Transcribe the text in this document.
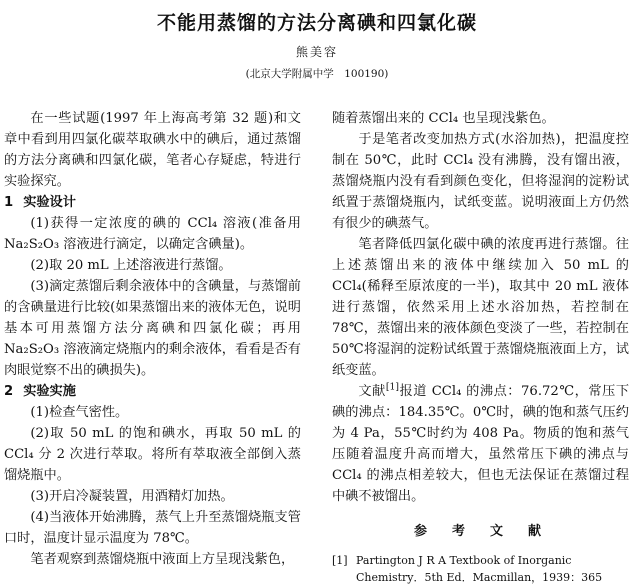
不能用蒸馏的方法分离碘和四氯化碳
熊美容
(北京大学附属中学　100190)

在一些试题(1997 年上海高考第 32 题)和文章中看到用四氯化碳萃取碘水中的碘后，通过蒸馏的方法分离碘和四氯化碳，笔者心存疑虑，特进行实验探究。

1 实验设计

(1)获得一定浓度的碘的 CCl₄ 溶液(准备用 Na₂S₂O₃ 溶液进行滴定，以确定含碘量)。

(2)取 20 mL 上述溶液进行蒸馏。

(3)滴定蒸馏后剩余液体中的含碘量，与蒸馏前的含碘量进行比较(如果蒸馏出来的液体无色，说明基本可用蒸馏方法分离碘和四氯化碳；再用 Na₂S₂O₃ 溶液滴定烧瓶内的剩余液体，看看是否有肉眼觉察不出的碘损失)。

2 实验实施

(1)检查气密性。

(2)取 50 mL 的饱和碘水，再取 50 mL 的 CCl₄ 分 2 次进行萃取。将所有萃取液全部倒入蒸馏烧瓶中。

(3)开启冷凝装置，用酒精灯加热。

(4)当液体开始沸腾，蒸气上升至蒸馏烧瓶支管口时，温度计显示温度为 78℃。

笔者观察到蒸馏烧瓶中液面上方呈现浅紫色，

随着蒸馏出来的 CCl₄ 也呈现浅紫色。

于是笔者改变加热方式(水浴加热)，把温度控制在 50℃，此时 CCl₄ 没有沸腾，没有馏出液，蒸馏烧瓶内没有看到颜色变化，但将湿润的淀粉试纸置于蒸馏烧瓶内，试纸变蓝。说明液面上方仍然有很少的碘蒸气。

笔者降低四氯化碳中碘的浓度再进行蒸馏。往上述蒸馏出来的液体中继续加入 50 mL 的 CCl₄(稀释至原浓度的一半)，取其中 20 mL 液体进行蒸馏，依然采用上述水浴加热，若控制在 78℃，蒸馏出来的液体颜色变淡了一些，若控制在 50℃将湿润的淀粉试纸置于蒸馏烧瓶液面上方，试纸变蓝。

文献[1]报道 CCl₄ 的沸点：76.72℃，常压下碘的沸点：184.35℃。0℃时，碘的饱和蒸气压约为 4 Pa，55℃时约为 408 Pa。物质的饱和蒸气压随着温度升高而增大，虽然常压下碘的沸点与 CCl₄ 的沸点相差较大，但也无法保证在蒸馏过程中碘不被馏出。

参　考　文　献
[1] Partington J R A Textbook of Inorganic Chemistry．5th Ed．Macmillan，1939：365
